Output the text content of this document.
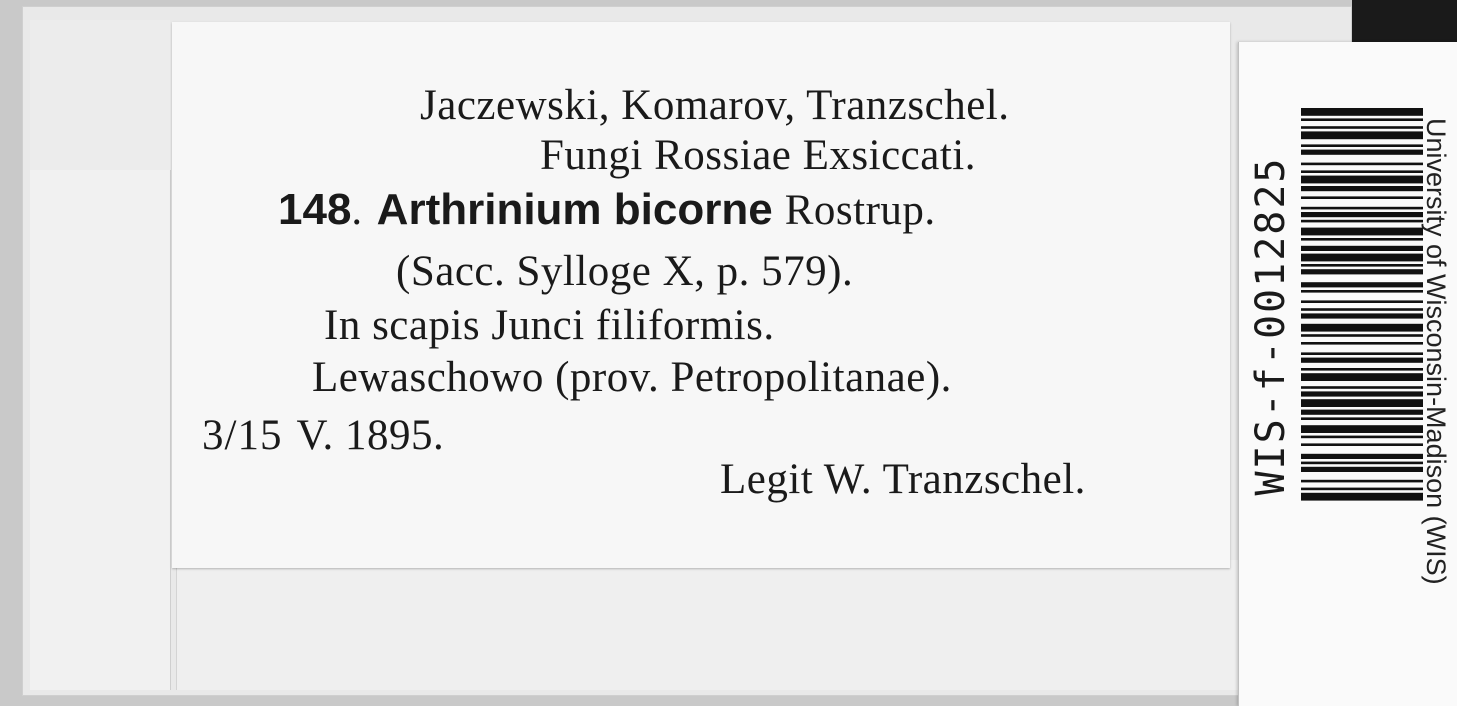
Jaczewski, Komarov, Tranzschel.
Fungi Rossiae Exsiccati.
148. Arthrinium bicorne Rostrup.
(Sacc. Sylloge X, p. 579).
In scapis Junci filiformis.
Lewaschowo (prov. Petropolitanae).
3/15 V. 1895.
Legit W. Tranzschel.	WIS-f-0012825	University of Wisconsin-Madison (WIS)
